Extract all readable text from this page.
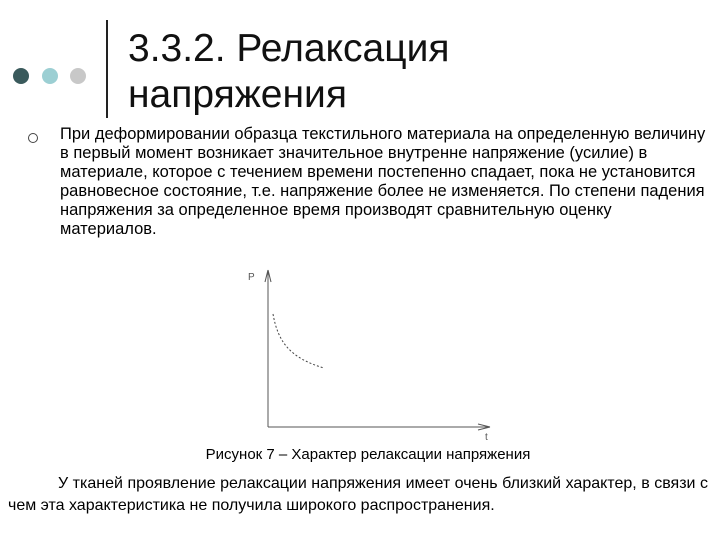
3.3.2. Релаксация
напряжения
При деформировании образца текстильного материала на определенную величину в первый момент возникает значительное внутренне напряжение (усилие) в материале, которое с течением времени постепенно спадает, пока не установится равновесное состояние, т.е. напряжение более не изменяется. По степени падения напряжения за определенное время производят сравнительную оценку материалов.
P
t
Рисунок 7 – Характер релаксации напряжения
У тканей проявление релаксации напряжения имеет очень близкий характер, в связи с чем эта характеристика не получила широкого распространения.
